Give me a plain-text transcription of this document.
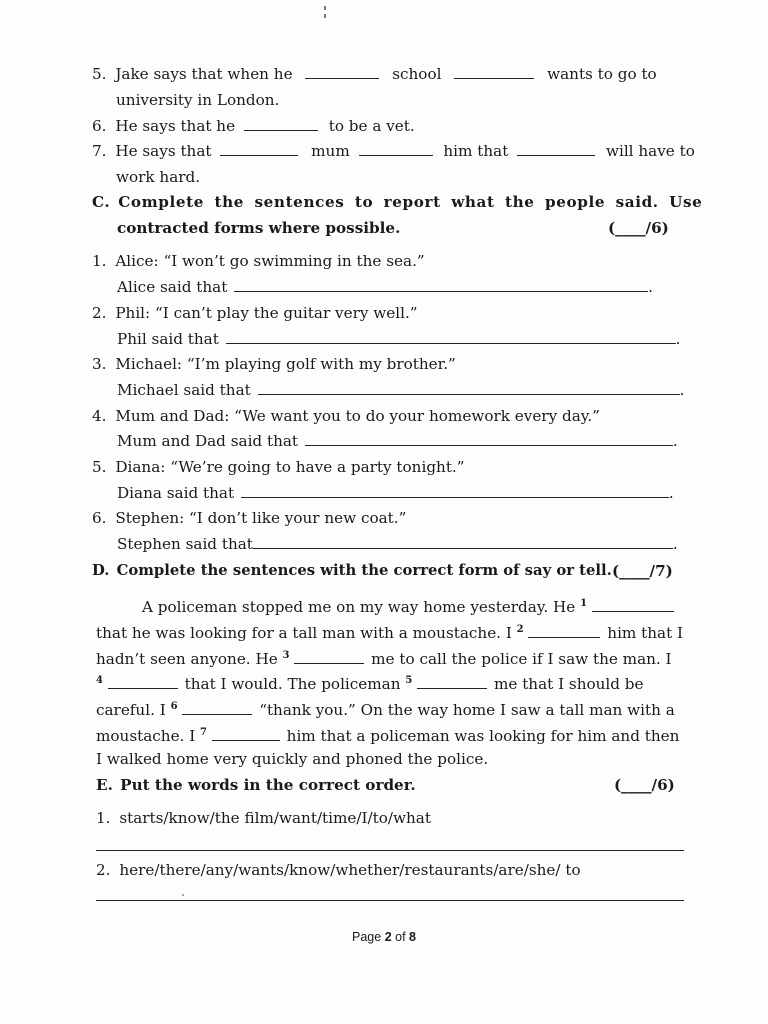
5. Jake says that when he	school	wants to go to
university in London.
6. He says that he	to be a vet.
7. He says that	mum	him that	will have to
work hard.
C. Complete the sentences to report what the people said. Use
contracted forms where possible.	(____/6)
1. Alice: “I won’t go swimming in the sea.”
Alice said that	.
2. Phil: “I can’t play the guitar very well.”
Phil said that	.
3. Michael: “I’m playing golf with my brother.”
Michael said that	.
4. Mum and Dad: “We want you to do your homework every day.”
Mum and Dad said that	.
5. Diana: “We’re going to have a party tonight.”
Diana said that	.
6. Stephen: “I don’t like your new coat.”
Stephen said that	.
D. Complete the sentences with the correct form of say or tell. (____/7)
A policeman stopped me on my way home yesterday. He $^1$
that he was looking for a tall man with a moustache. I $^2$	him that I
hadn’t seen anyone. He $^3$	me to call the police if I saw the man. I
$^4$	that I would. The policeman $^5$	me that I should be
careful. I $^6$	“thank you.” On the way home I saw a tall man with a
moustache. I $^7$	him that a policeman was looking for him and then
I walked home very quickly and phoned the police.
E. Put the words in the correct order.	(____/6)
1. starts/know/the film/want/time/I/to/what
2. here/there/any/wants/know/whether/restaurants/are/she/ to
Page 2 of 8
